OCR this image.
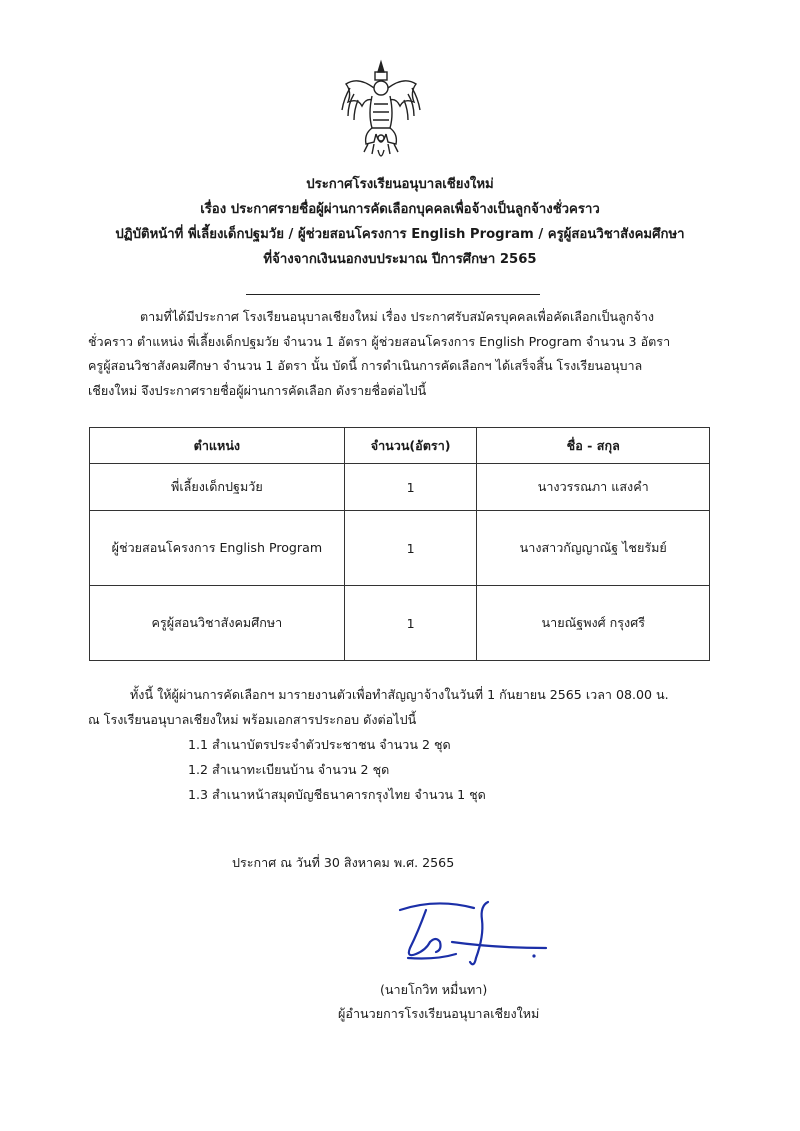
ประกาศโรงเรียนอนุบาลเชียงใหม่
เรื่อง ประกาศรายชื่อผู้ผ่านการคัดเลือกบุคคลเพื่อจ้างเป็นลูกจ้างชั่วคราว
ปฏิบัติหน้าที่ พี่เลี้ยงเด็กปฐมวัย / ผู้ช่วยสอนโครงการ English Program / ครูผู้สอนวิชาสังคมศึกษา
ที่จ้างจากเงินนอกงบประมาณ ปีการศึกษา 2565
ตามที่ได้มีประกาศ โรงเรียนอนุบาลเชียงใหม่ เรื่อง ประกาศรับสมัครบุคคลเพื่อคัดเลือกเป็นลูกจ้าง
ชั่วคราว ตำแหน่ง พี่เลี้ยงเด็กปฐมวัย จำนวน 1 อัตรา ผู้ช่วยสอนโครงการ English Program จำนวน 3 อัตรา
ครูผู้สอนวิชาสังคมศึกษา จำนวน 1 อัตรา นั้น บัดนี้ การดำเนินการคัดเลือกฯ ได้เสร็จสิ้น โรงเรียนอนุบาล
เชียงใหม่ จึงประกาศรายชื่อผู้ผ่านการคัดเลือก ดังรายชื่อต่อไปนี้
ตำแหน่ง	จำนวน(อัตรา)	ชื่อ - สกุล
พี่เลี้ยงเด็กปฐมวัย	1	นางวรรณภา แสงคำ
ผู้ช่วยสอนโครงการ English Program	1	นางสาวกัญญาณัฐ ไชยรัมย์
ครูผู้สอนวิชาสังคมศึกษา	1	นายณัฐพงศ์ กรุงศรี
ทั้งนี้ ให้ผู้ผ่านการคัดเลือกฯ มารายงานตัวเพื่อทำสัญญาจ้างในวันที่ 1 กันยายน 2565 เวลา 08.00 น.
ณ โรงเรียนอนุบาลเชียงใหม่ พร้อมเอกสารประกอบ ดังต่อไปนี้
1.1 สำเนาบัตรประจำตัวประชาชน จำนวน 2 ชุด
1.2 สำเนาทะเบียนบ้าน จำนวน 2 ชุด
1.3 สำเนาหน้าสมุดบัญชีธนาคารกรุงไทย จำนวน 1 ชุด
ประกาศ ณ วันที่ 30 สิงหาคม พ.ศ. 2565
(นายโกวิท หมื่นทา)
ผู้อำนวยการโรงเรียนอนุบาลเชียงใหม่
